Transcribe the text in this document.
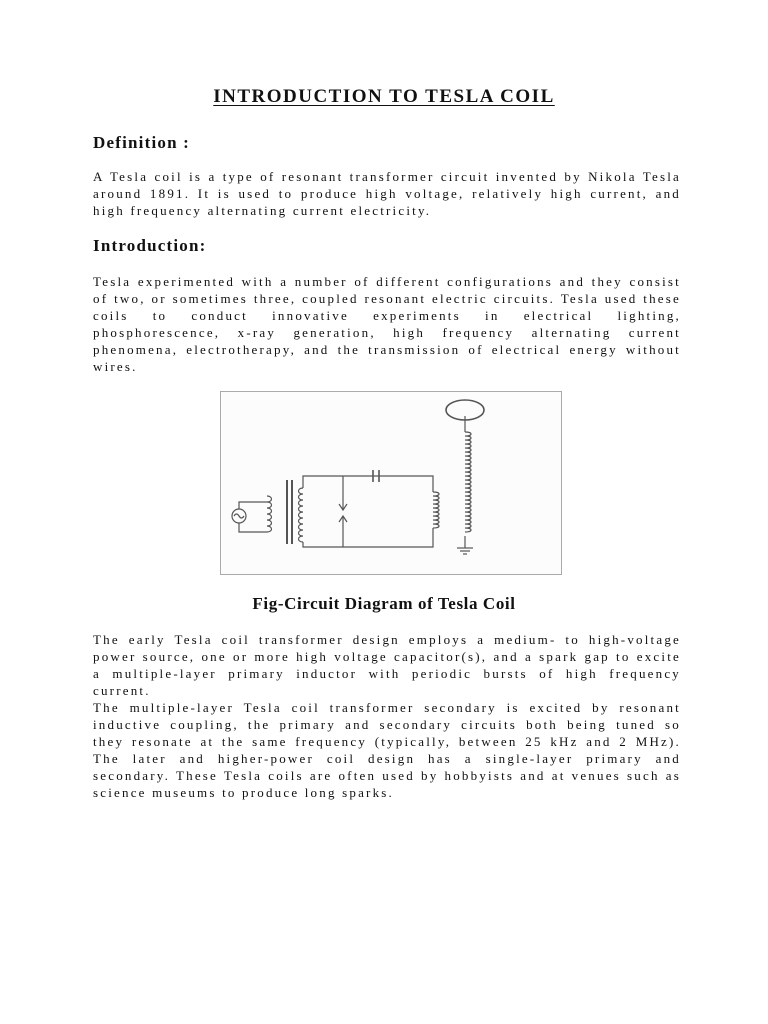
INTRODUCTION TO TESLA COIL
Definition :

A Tesla coil is a type of resonant transformer circuit invented by Nikola Tesla around 1891. It is used to produce high voltage, relatively high current, and high frequency alternating current electricity.

Introduction:

Tesla experimented with a number of different configurations and they consist of two, or sometimes three, coupled resonant electric circuits. Tesla used these coils to conduct innovative experiments in electrical lighting, phosphorescence, x-ray generation, high frequency alternating current phenomena, electrotherapy, and the transmission of electrical energy without wires.

Fig-Circuit Diagram of Tesla Coil

The early Tesla coil transformer design employs a medium- to high-voltage power source, one or more high voltage capacitor(s), and a spark gap to excite a multiple-layer primary inductor with periodic bursts of high frequency current.

The multiple-layer Tesla coil transformer secondary is excited by resonant inductive coupling, the primary and secondary circuits both being tuned so they resonate at the same frequency (typically, between 25 kHz and 2 MHz). The later and higher-power coil design has a single-layer primary and secondary. These Tesla coils are often used by hobbyists and at venues such as science museums to produce long sparks.
